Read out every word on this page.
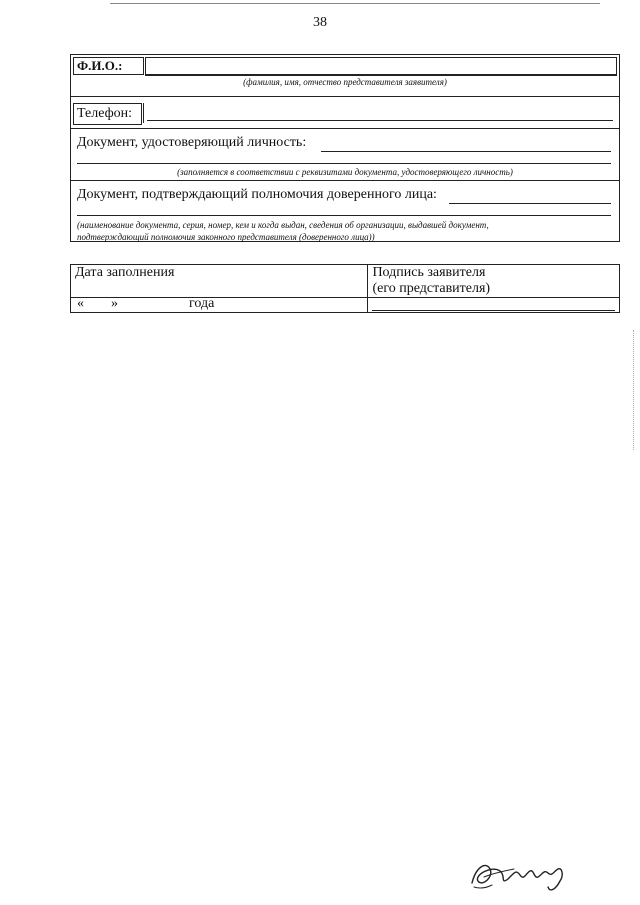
38
Ф.И.О.:
(фамилия, имя, отчество представителя заявителя)
Телефон:
Документ, удостоверяющий личность:
(заполняется в соответствии с реквизитами документа, удостоверяющего личность)
Документ, подтверждающий полномочия доверенного лица:
(наименование документа, серия, номер, кем и когда выдан, сведения об организации, выдавшей документ,
подтверждающий полномочия законного представителя (доверенного лица))
Дата заполнения	Подпись заявителя
(его представителя)

« » года	
